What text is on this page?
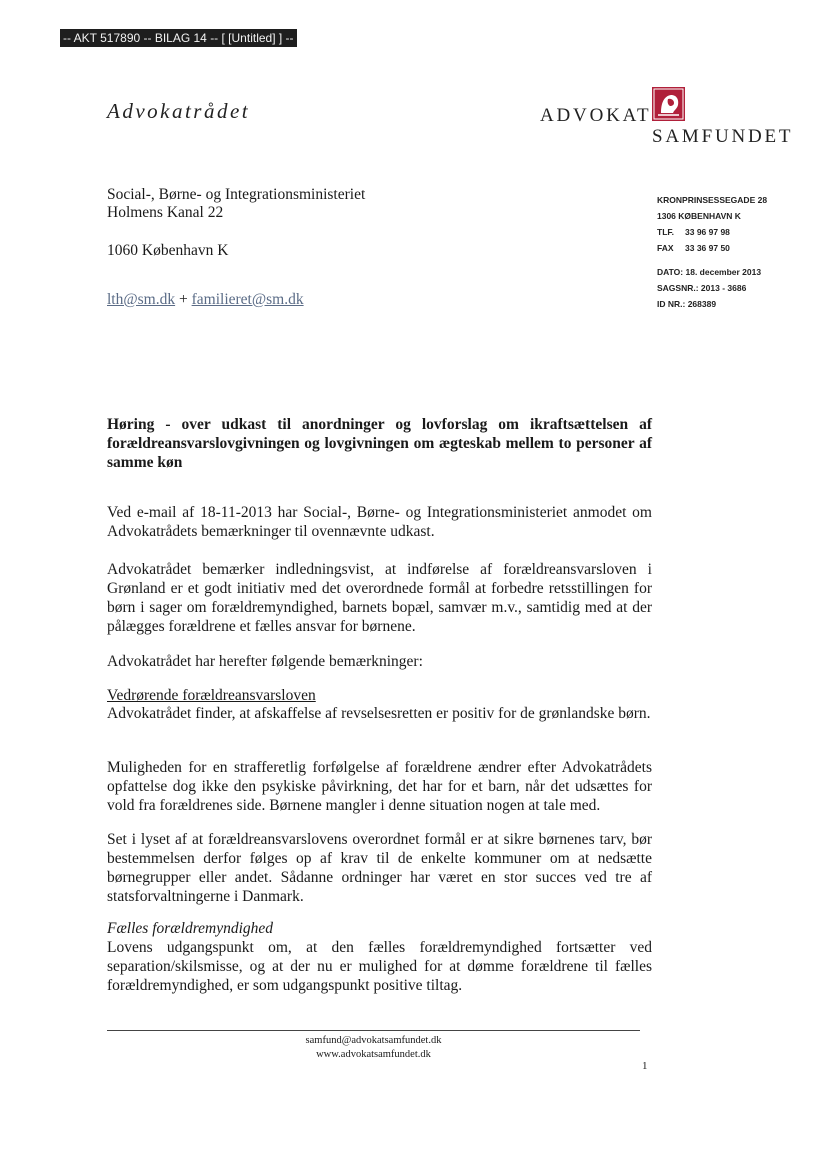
-- AKT 517890 -- BILAG 14 -- [ [Untitled] ] --
Advokatrådet	ADVOKAT
SAMFUNDET
Social-, Børne- og Integrationsministeriet
Holmens Kanal 22
1060 København K
lth@sm.dk + familieret@sm.dk
KRONPRINSESSEGADE 28
1306 KØBENHAVN K
TLF. 33 96 97 98
FAX 33 36 97 50
DATO: 18. december 2013
SAGSNR.: 2013 - 3686
ID NR.: 268389
Høring - over udkast til anordninger og lovforslag om ikraftsættelsen af forældreansvarslovgivningen og lovgivningen om ægteskab mellem to personer af samme køn
Ved e-mail af 18-11-2013 har Social-, Børne- og Integrationsministeriet anmodet om Advokatrådets bemærkninger til ovennævnte udkast.
Advokatrådet bemærker indledningsvist, at indførelse af forældreansvarsloven i Grønland er et godt initiativ med det overordnede formål at forbedre retsstillingen for børn i sager om forældremyndighed, barnets bopæl, samvær m.v., samtidig med at der pålægges forældrene et fælles ansvar for børnene.
Advokatrådet har herefter følgende bemærkninger:
Vedrørende forældreansvarsloven
Advokatrådet finder, at afskaffelse af revselsesretten er positiv for de grønlandske børn.
Muligheden for en strafferetlig forfølgelse af forældrene ændrer efter Advokatrådets opfattelse dog ikke den psykiske påvirkning, det har for et barn, når det udsættes for vold fra forældrenes side. Børnene mangler i denne situation nogen at tale med.
Set i lyset af at forældreansvarslovens overordnet formål er at sikre børnenes tarv, bør bestemmelsen derfor følges op af krav til de enkelte kommuner om at nedsætte børnegrupper eller andet. Sådanne ordninger har været en stor succes ved tre af statsforvaltningerne i Danmark.
Fælles forældremyndighed
Lovens udgangspunkt om, at den fælles forældremyndighed fortsætter ved separation/skilsmisse, og at der nu er mulighed for at dømme forældrene til fælles forældremyndighed, er som udgangspunkt positive tiltag.
samfund@advokatsamfundet.dk
www.advokatsamfundet.dk
1
